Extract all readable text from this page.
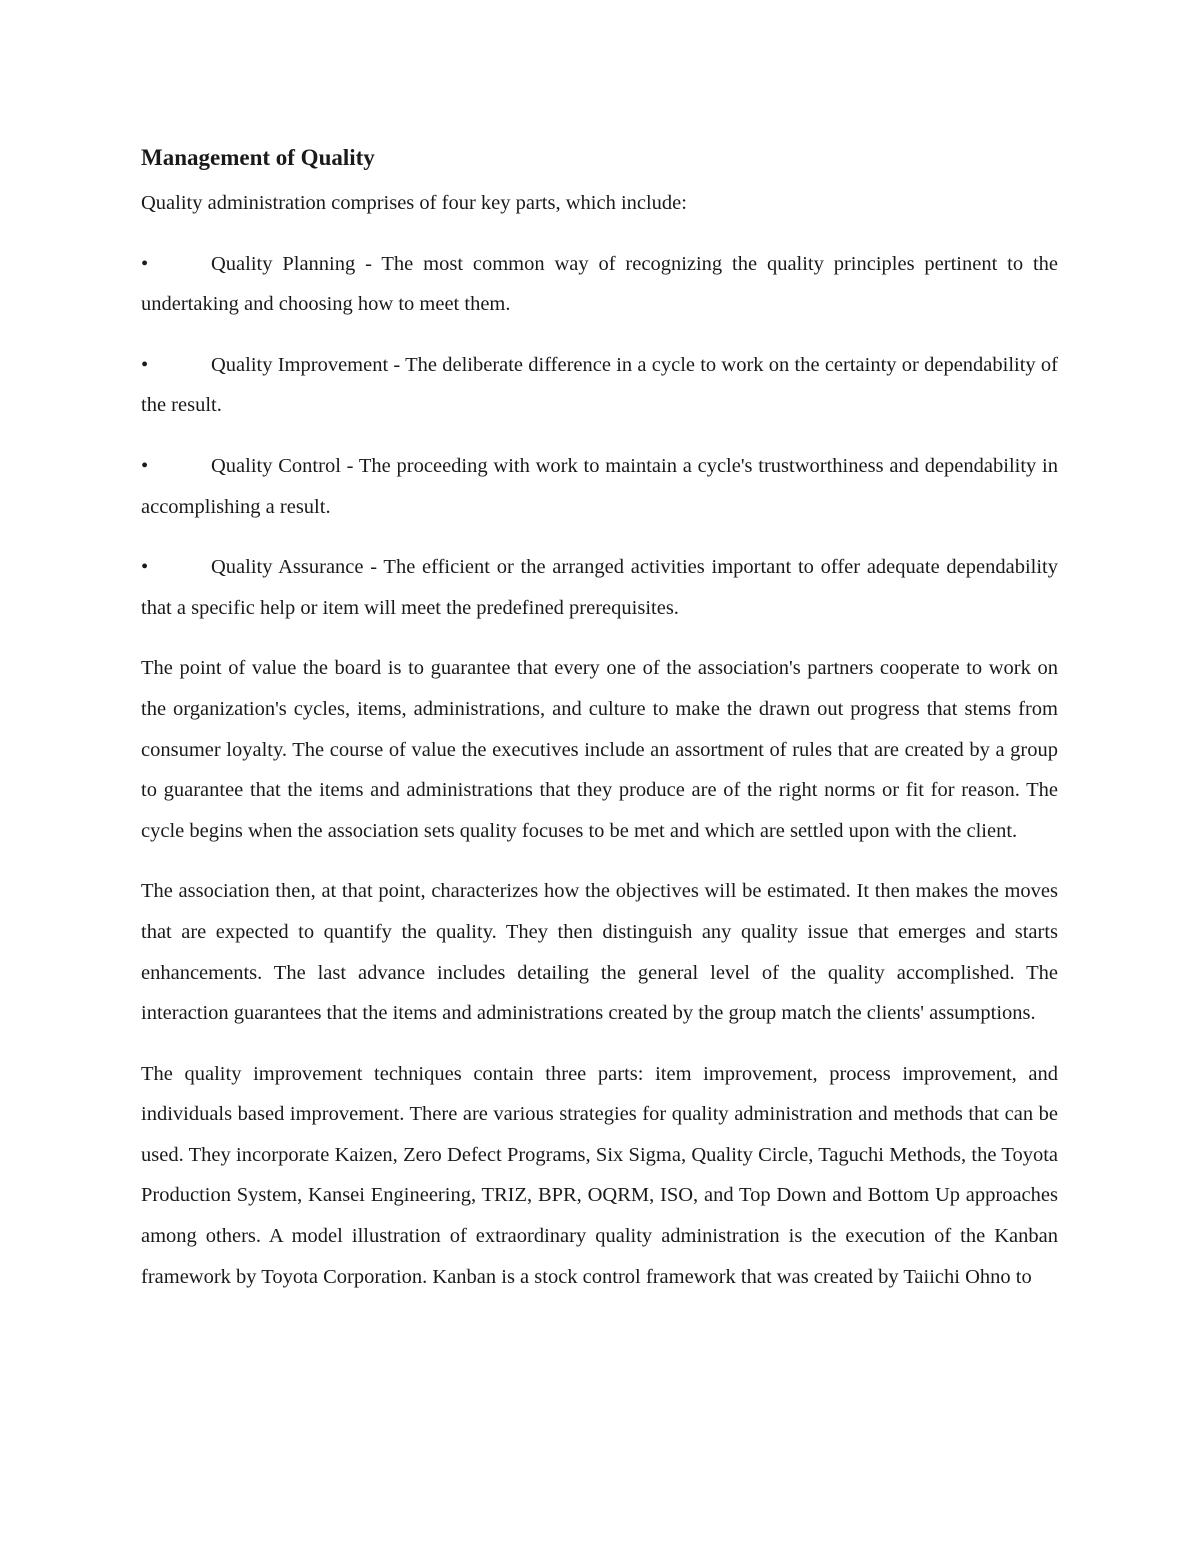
Management of Quality
Quality administration comprises of four key parts, which include:
•	Quality Planning - The most common way of recognizing the quality principles pertinent to the undertaking and choosing how to meet them.
•	Quality Improvement - The deliberate difference in a cycle to work on the certainty or dependability of the result.
•	Quality Control - The proceeding with work to maintain a cycle's trustworthiness and dependability in accomplishing a result.
•	Quality Assurance - The efficient or the arranged activities important to offer adequate dependability that a specific help or item will meet the predefined prerequisites.

The point of value the board is to guarantee that every one of the association's partners cooperate to work on the organization's cycles, items, administrations, and culture to make the drawn out progress that stems from consumer loyalty. The course of value the executives include an assortment of rules that are created by a group to guarantee that the items and administrations that they produce are of the right norms or fit for reason. The cycle begins when the association sets quality focuses to be met and which are settled upon with the client.

The association then, at that point, characterizes how the objectives will be estimated. It then makes the moves that are expected to quantify the quality. They then distinguish any quality issue that emerges and starts enhancements. The last advance includes detailing the general level of the quality accomplished. The interaction guarantees that the items and administrations created by the group match the clients' assumptions.

The quality improvement techniques contain three parts: item improvement, process improvement, and individuals based improvement. There are various strategies for quality administration and methods that can be used. They incorporate Kaizen, Zero Defect Programs, Six Sigma, Quality Circle, Taguchi Methods, the Toyota Production System, Kansei Engineering, TRIZ, BPR, OQRM, ISO, and Top Down and Bottom Up approaches among others. A model illustration of extraordinary quality administration is the execution of the Kanban framework by Toyota Corporation. Kanban is a stock control framework that was created by Taiichi Ohno to
